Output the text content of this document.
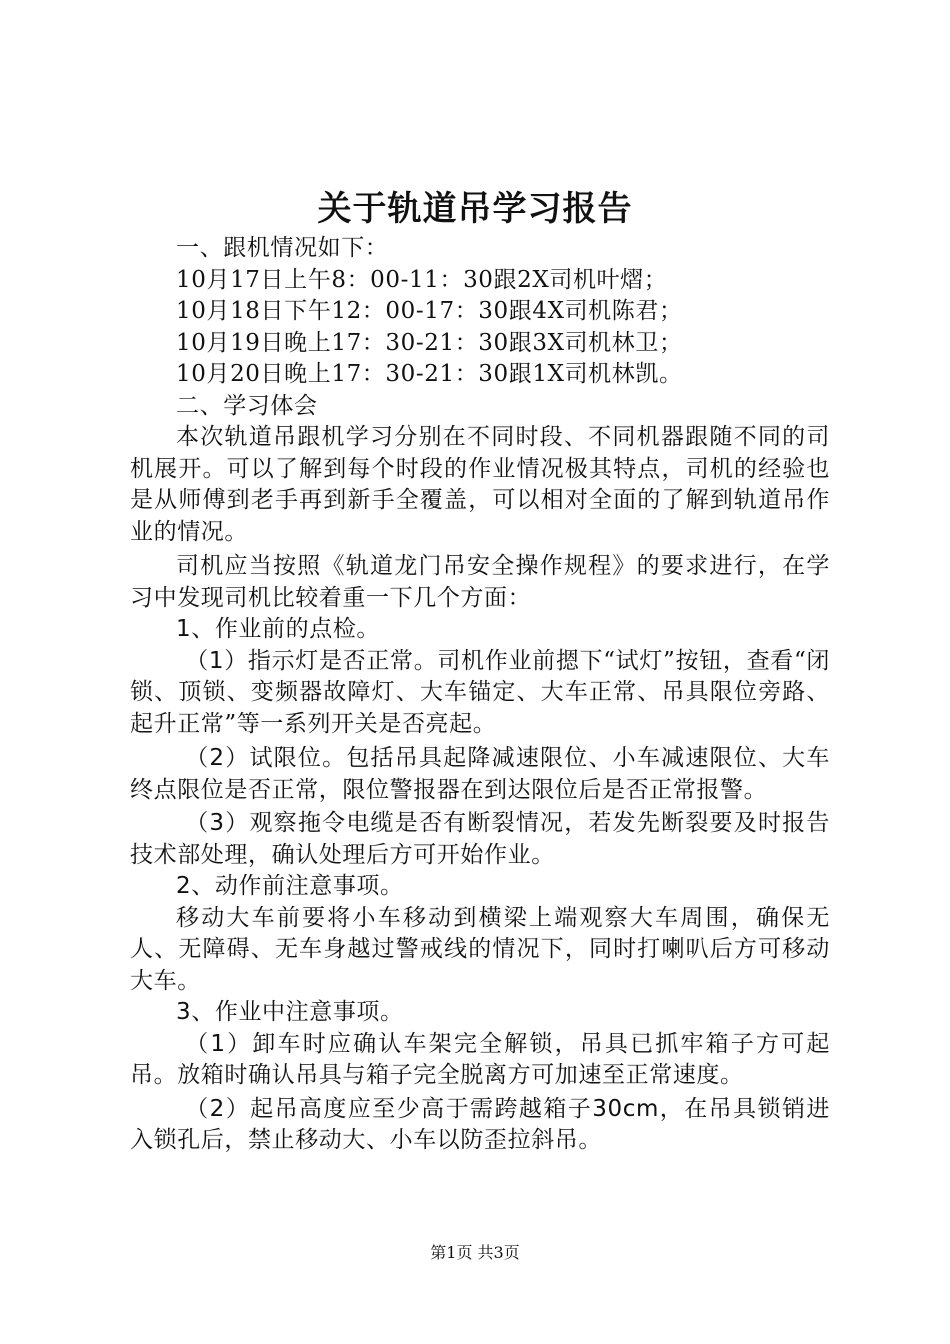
关于轨道吊学习报告

一、跟机情况如下：

10月17日上午8：00-11：30跟2X司机叶熠；

10月18日下午12：00-17：30跟4X司机陈君；

10月19日晚上17：30-21：30跟3X司机林卫；

10月20日晚上17：30-21：30跟1X司机林凯。

二、学习体会

本次轨道吊跟机学习分别在不同时段、不同机器跟随不同的司机展开。可以了解到每个时段的作业情况极其特点，司机的经验也是从师傅到老手再到新手全覆盖，可以相对全面的了解到轨道吊作业的情况。

司机应当按照《轨道龙门吊安全操作规程》的要求进行，在学习中发现司机比较着重一下几个方面：

1、作业前的点检。

（1）指示灯是否正常。司机作业前摁下“试灯”按钮，查看“闭锁、顶锁、变频器故障灯、大车锚定、大车正常、吊具限位旁路、起升正常”等一系列开关是否亮起。

（2）试限位。包括吊具起降减速限位、小车减速限位、大车终点限位是否正常，限位警报器在到达限位后是否正常报警。

（3）观察拖令电缆是否有断裂情况，若发先断裂要及时报告技术部处理，确认处理后方可开始作业。

2、动作前注意事项。

移动大车前要将小车移动到横梁上端观察大车周围，确保无人、无障碍、无车身越过警戒线的情况下，同时打喇叭后方可移动大车。

3、作业中注意事项。

（1）卸车时应确认车架完全解锁，吊具已抓牢箱子方可起吊。放箱时确认吊具与箱子完全脱离方可加速至正常速度。

（2）起吊高度应至少高于需跨越箱子30cm，在吊具锁销进入锁孔后，禁止移动大、小车以防歪拉斜吊。

第1页 共3页
